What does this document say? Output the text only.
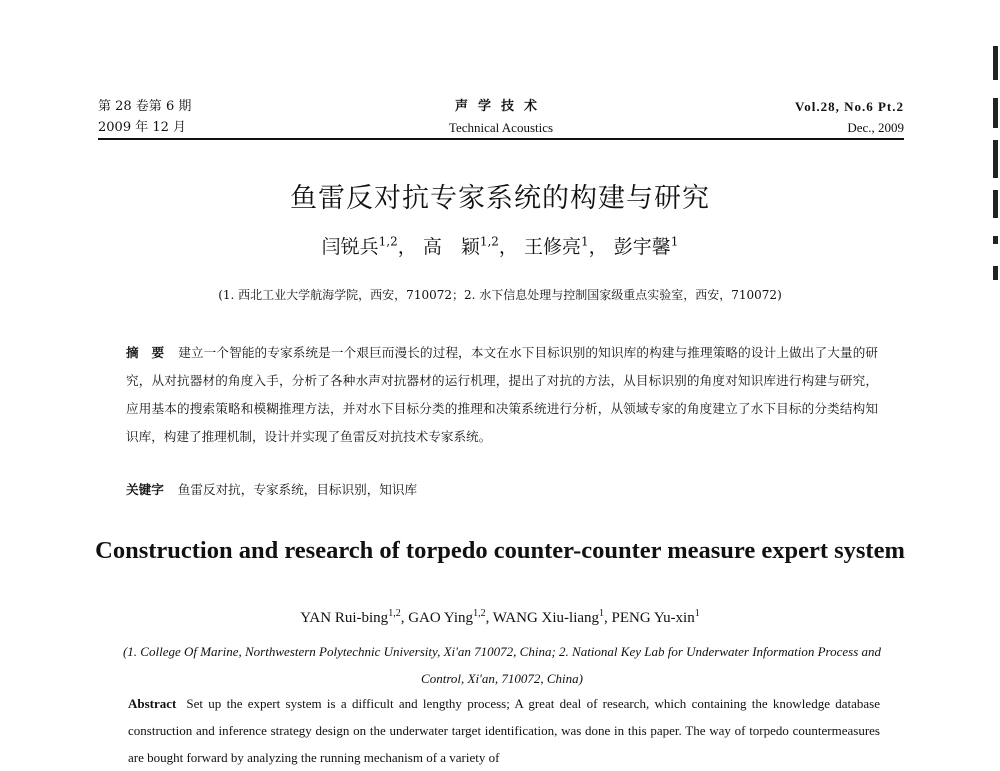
第 28 卷第 6 期
2009 年 12 月
声学技术
Technical Acoustics
Vol.28, No.6 Pt.2
Dec., 2009
鱼雷反对抗专家系统的构建与研究
闫锐兵$^{1,2}$， 高　颖$^{1,2}$， 王修亮$^1$， 彭宇馨$^1$
(1. 西北工业大学航海学院，西安，710072；2. 水下信息处理与控制国家级重点实验室，西安，710072)
摘　要 建立一个智能的专家系统是一个艰巨而漫长的过程，本文在水下目标识别的知识库的构建与推理策略的设计上做出了大量的研究，从对抗器材的角度入手，分析了各种水声对抗器材的运行机理，提出了对抗的方法，从目标识别的角度对知识库进行构建与研究，应用基本的搜索策略和模糊推理方法，并对水下目标分类的推理和决策系统进行分析，从领域专家的角度建立了水下目标的分类结构知识库，构建了推理机制，设计并实现了鱼雷反对抗技术专家系统。
关键字 鱼雷反对抗，专家系统，目标识别，知识库
Construction and research of torpedo counter-counter measure expert system
YAN Rui-bing$^{1,2}$, GAO Ying$^{1,2}$, WANG Xiu-liang$^1$, PENG Yu-xin$^1$
(1. College Of Marine, Northwestern Polytechnic University, Xi'an 710072, China; 2. National Key Lab for Underwater Information Process and Control, Xi'an, 710072, China)
Abstract Set up the expert system is a difficult and lengthy process; A great deal of research, which containing the knowledge database construction and inference strategy design on the underwater target identification, was done in this paper. The way of torpedo countermeasures are bought forward by analyzing the running mechanism of a variety of
